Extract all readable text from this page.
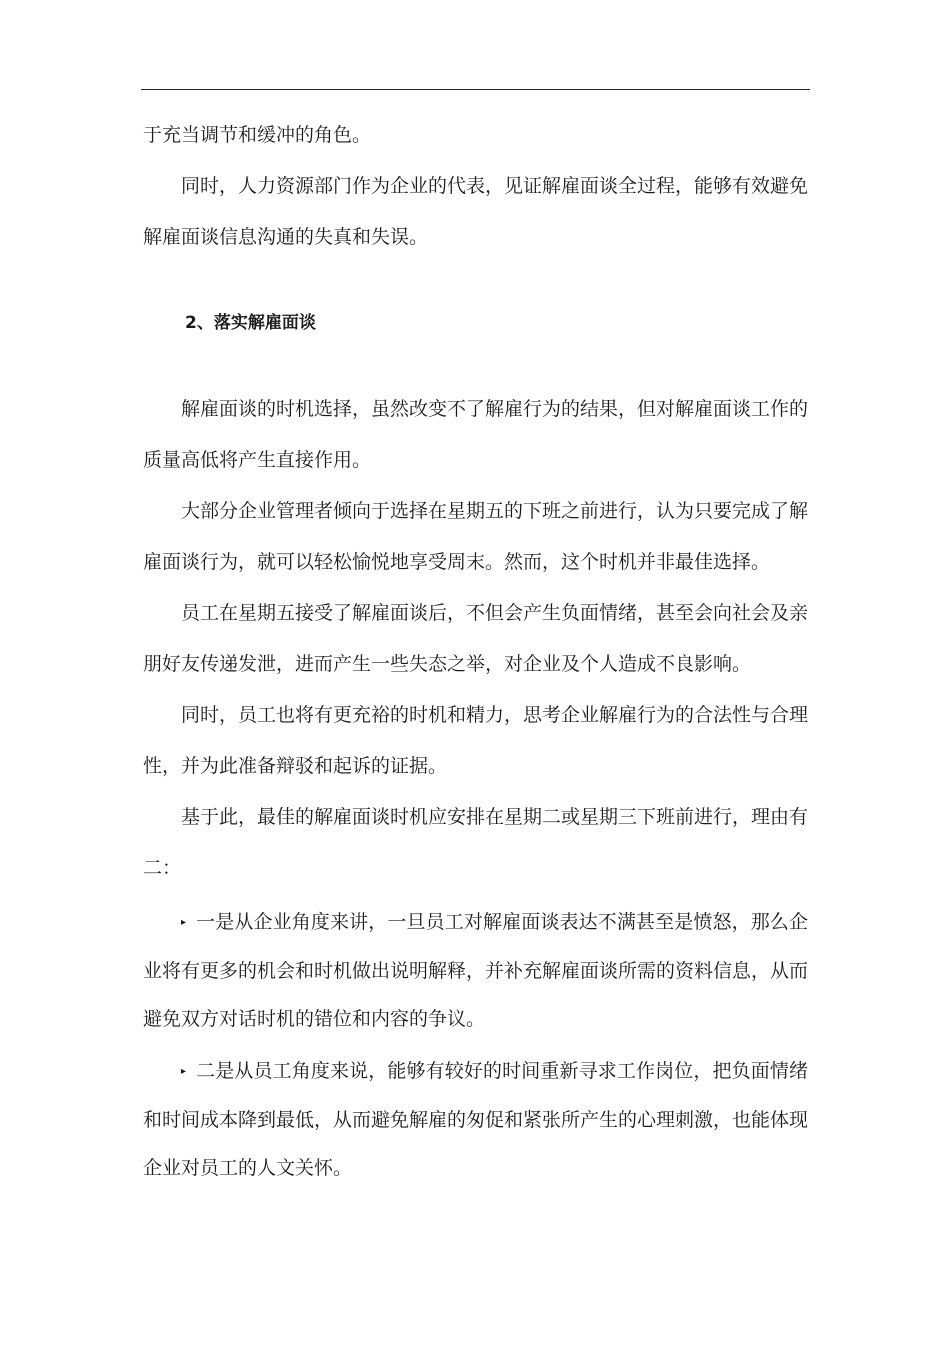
于充当调节和缓冲的角色。

同时，人力资源部门作为企业的代表，见证解雇面谈全过程，能够有效避免解雇面谈信息沟通的失真和失误。

2、落实解雇面谈

解雇面谈的时机选择，虽然改变不了解雇行为的结果，但对解雇面谈工作的质量高低将产生直接作用。

大部分企业管理者倾向于选择在星期五的下班之前进行，认为只要完成了解雇面谈行为，就可以轻松愉悦地享受周末。然而，这个时机并非最佳选择。

员工在星期五接受了解雇面谈后，不但会产生负面情绪，甚至会向社会及亲朋好友传递发泄，进而产生一些失态之举，对企业及个人造成不良影响。

同时，员工也将有更充裕的时机和精力，思考企业解雇行为的合法性与合理性，并为此准备辩驳和起诉的证据。

基于此，最佳的解雇面谈时机应安排在星期二或星期三下班前进行，理由有二：

▸ 一是从企业角度来讲，一旦员工对解雇面谈表达不满甚至是愤怒，那么企业将有更多的机会和时机做出说明解释，并补充解雇面谈所需的资料信息，从而避免双方对话时机的错位和内容的争议。

▸ 二是从员工角度来说，能够有较好的时间重新寻求工作岗位，把负面情绪和时间成本降到最低，从而避免解雇的匆促和紧张所产生的心理刺激，也能体现企业对员工的人文关怀。
